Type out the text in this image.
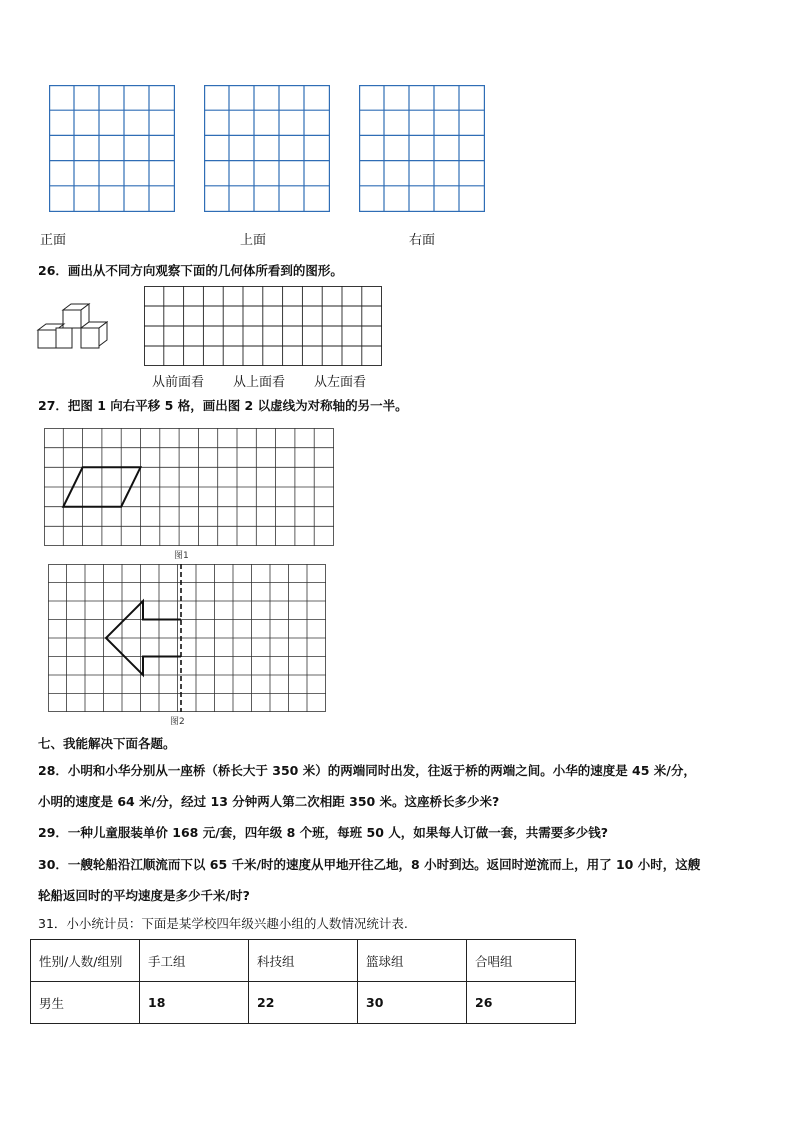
正面	上面	右面
26．画出从不同方向观察下面的几何体所看到的图形。
从前面看 从上面看 从左面看
27．把图 1 向右平移 5 格，画出图 2 以虚线为对称轴的另一半。
图1
图2
七、我能解决下面各题。
28．小明和小华分别从一座桥（桥长大于 350 米）的两端同时出发，往返于桥的两端之间。小华的速度是 45 米/分，
小明的速度是 64 米/分，经过 13 分钟两人第二次相距 350 米。这座桥长多少米?
29．一种儿童服装单价 168 元/套，四年级 8 个班，每班 50 人，如果每人订做一套，共需要多少钱?
30．一艘轮船沿江顺流而下以 65 千米/时的速度从甲地开往乙地，8 小时到达。返回时逆流而上，用了 10 小时，这艘
轮船返回时的平均速度是多少千米/时?
31．小小统计员：下面是某学校四年级兴趣小组的人数情况统计表.
性别/人数/组别	手工组	科技组	篮球组	合唱组
男生	18	22	30	26
